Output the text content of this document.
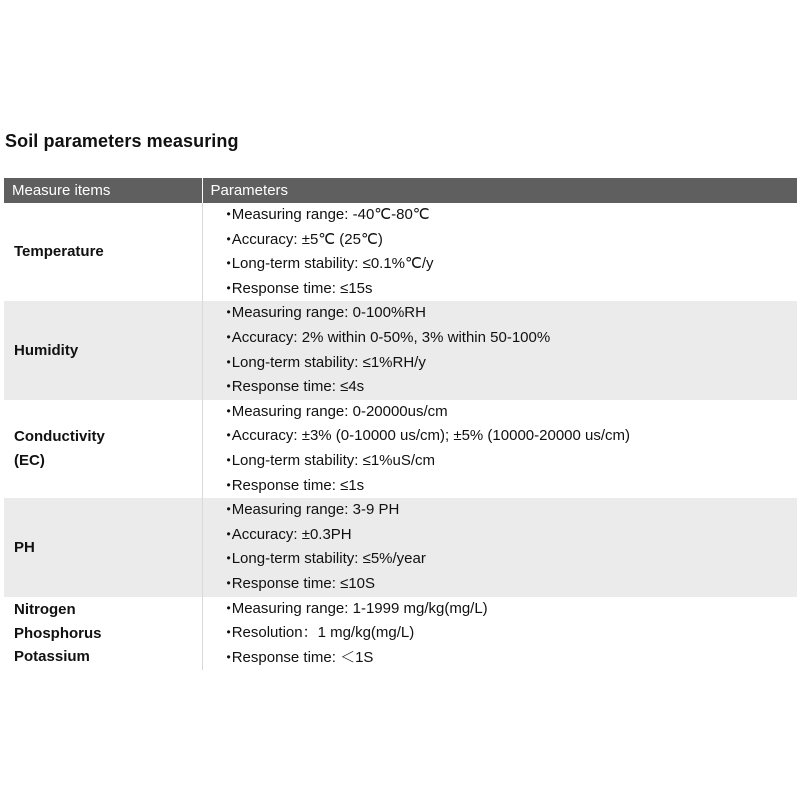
Soil parameters measuring
Measure items	Parameters

Temperature	•Measuring range: -40℃-80℃
•Accuracy: ±5℃ (25℃)
•Long-term stability: ≤0.1%℃/y
•Response time: ≤15s

Humidity	•Measuring range: 0-100%RH
•Accuracy: 2% within 0-50%, 3% within 50-100%
•Long-term stability: ≤1%RH/y
•Response time: ≤4s

Conductivity
(EC)	•Measuring range: 0-20000us/cm
•Accuracy: ±3% (0-10000 us/cm); ±5% (10000-20000 us/cm)
•Long-term stability: ≤1%uS/cm
•Response time: ≤1s

PH	•Measuring range: 3-9 PH
•Accuracy: ±0.3PH
•Long-term stability: ≤5%/year
•Response time: ≤10S

Nitrogen
Phosphorus
Potassium	•Measuring range: 1-1999 mg/kg(mg/L)
•Resolution：1 mg/kg(mg/L)
•Response time: ＜1S
